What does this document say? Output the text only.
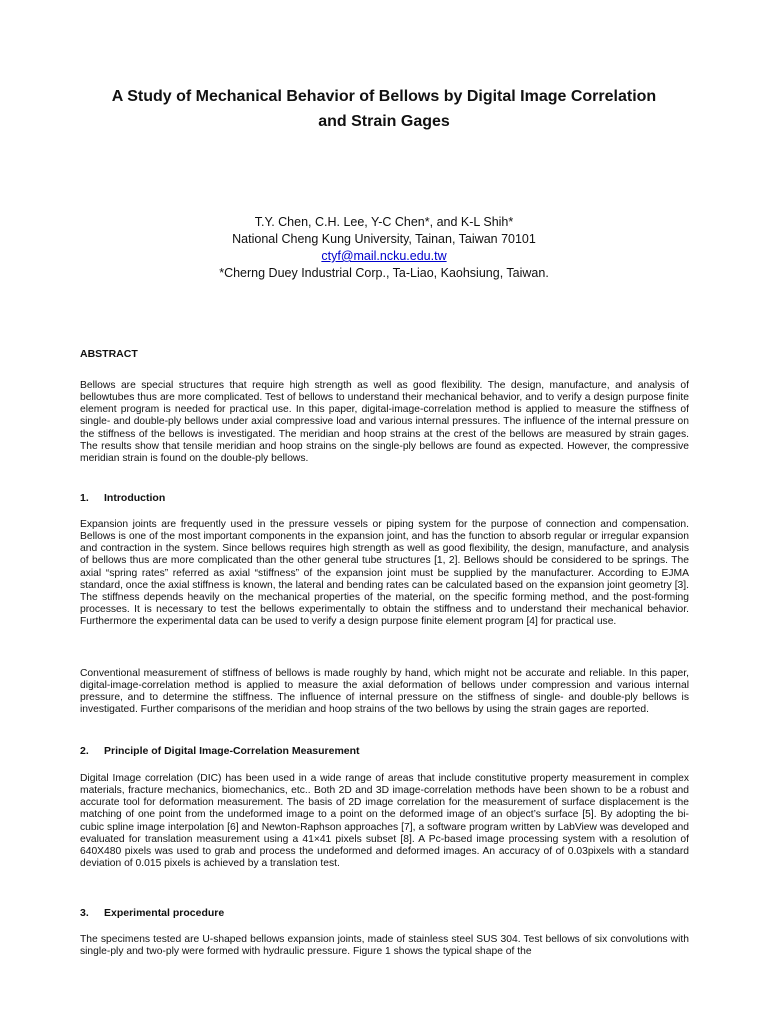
A Study of Mechanical Behavior of Bellows by Digital Image Correlation
and Strain Gages
T.Y. Chen, C.H. Lee, Y-C Chen*, and K-L Shih*
National Cheng Kung University, Tainan, Taiwan 70101
ctyf@mail.ncku.edu.tw
*Cherng Duey Industrial Corp., Ta-Liao, Kaohsiung, Taiwan.
ABSTRACT

Bellows are special structures that require high strength as well as good flexibility. The design, manufacture, and analysis of bellowtubes thus are more complicated. Test of bellows to understand their mechanical behavior, and to verify a design purpose finite element program is needed for practical use. In this paper, digital-image-correlation method is applied to measure the stiffness of single- and double-ply bellows under axial compressive load and various internal pressures. The influence of the internal pressure on the stiffness of the bellows is investigated. The meridian and hoop strains at the crest of the bellows are measured by strain gages. The results show that tensile meridian and hoop strains on the single-ply bellows are found as expected. However, the compressive meridian strain is found on the double-ply bellows.

1. Introduction

Expansion joints are frequently used in the pressure vessels or piping system for the purpose of connection and compensation. Bellows is one of the most important components in the expansion joint, and has the function to absorb regular or irregular expansion and contraction in the system. Since bellows requires high strength as well as good flexibility, the design, manufacture, and analysis of bellows thus are more complicated than the other general tube structures [1, 2]. Bellows should be considered to be springs. The axial “spring rates” referred as axial “stiffness” of the expansion joint must be supplied by the manufacturer. According to EJMA standard, once the axial stiffness is known, the lateral and bending rates can be calculated based on the expansion joint geometry [3]. The stiffness depends heavily on the mechanical properties of the material, on the specific forming method, and the post-forming processes. It is necessary to test the bellows experimentally to obtain the stiffness and to understand their mechanical behavior. Furthermore the experimental data can be used to verify a design purpose finite element program [4] for practical use.

Conventional measurement of stiffness of bellows is made roughly by hand, which might not be accurate and reliable. In this paper, digital-image-correlation method is applied to measure the axial deformation of bellows under compression and various internal pressure, and to determine the stiffness. The influence of internal pressure on the stiffness of single- and double-ply bellows is investigated. Further comparisons of the meridian and hoop strains of the two bellows by using the strain gages are reported.

2. Principle of Digital Image-Correlation Measurement

Digital Image correlation (DIC) has been used in a wide range of areas that include constitutive property measurement in complex materials, fracture mechanics, biomechanics, etc.. Both 2D and 3D image-correlation methods have been shown to be a robust and accurate tool for deformation measurement. The basis of 2D image correlation for the measurement of surface displacement is the matching of one point from the undeformed image to a point on the deformed image of an object’s surface [5]. By adopting the bi-cubic spline image interpolation [6] and Newton-Raphson approaches [7], a software program written by LabView was developed and evaluated for translation measurement using a 41×41 pixels subset [8]. A Pc-based image processing system with a resolution of 640X480 pixels was used to grab and process the undeformed and deformed images. An accuracy of of 0.03pixels with a standard deviation of 0.015 pixels is achieved by a translation test.

3. Experimental procedure

The specimens tested are U-shaped bellows expansion joints, made of stainless steel SUS 304. Test bellows of six convolutions with single-ply and two-ply were formed with hydraulic pressure. Figure 1 shows the typical shape of the
